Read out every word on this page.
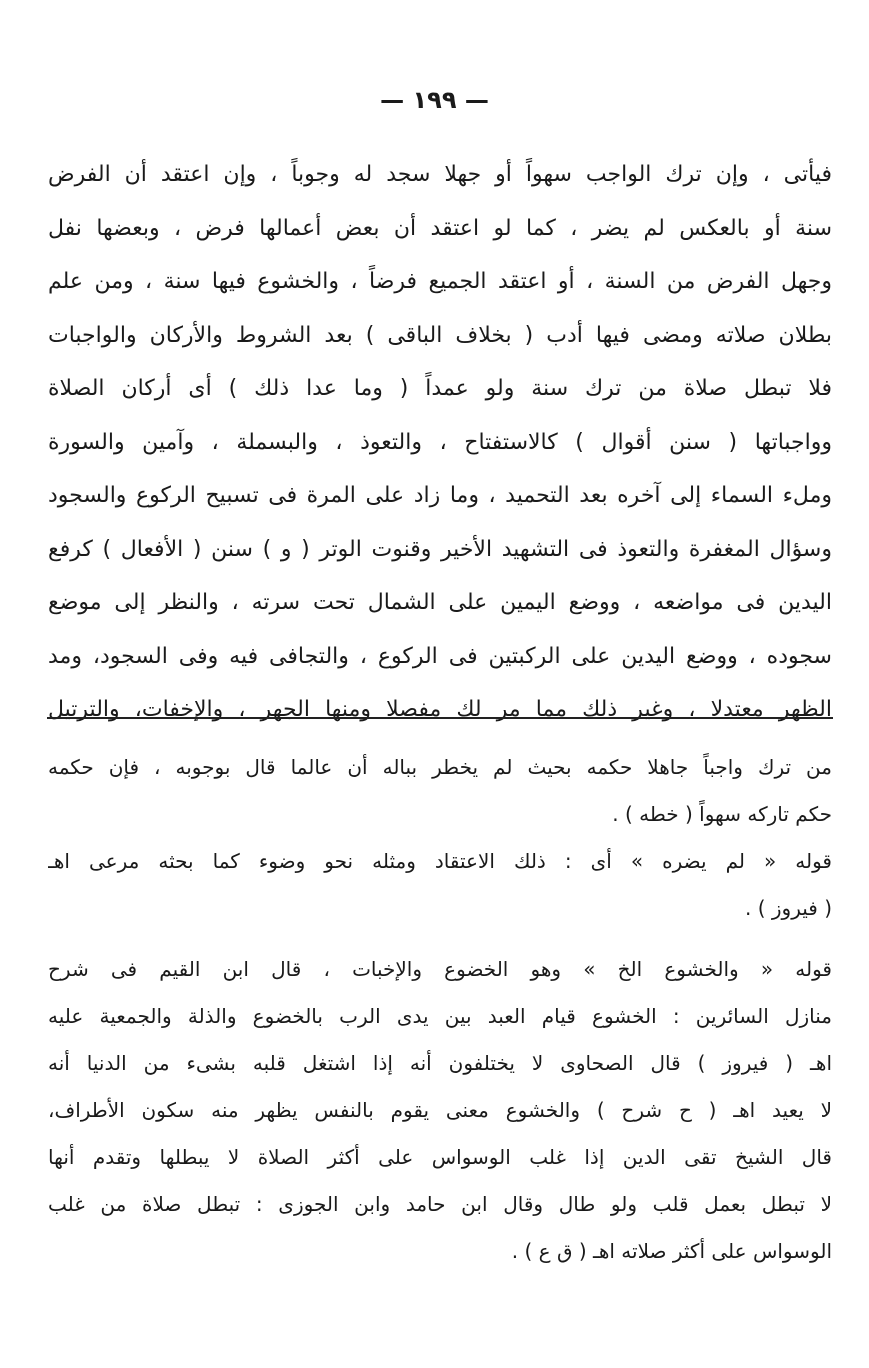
— ١٩٩ —
فيأتى ، وإن ترك الواجب سهواً أو جهلا سجد له وجوباً ، وإن اعتقد أن الفرض
سنة أو بالعكس لم يضر ، كما لو اعتقد أن بعض أعمالها فرض ، وبعضها نفل
وجهل الفرض من السنة ، أو اعتقد الجميع فرضاً ، والخشوع فيها سنة ، ومن علم
بطلان صلاته ومضى فيها أدب ( بخلاف الباقى ) بعد الشروط والأركان والواجبات
فلا تبطل صلاة من ترك سنة ولو عمداً ( وما عدا ذلك ) أى أركان الصلاة
وواجباتها ( سنن أقوال ) كالاستفتاح ، والتعوذ ، والبسملة ، وآمين والسورة
وملء السماء إلى آخره بعد التحميد ، وما زاد على المرة فى تسبيح الركوع والسجود
وسؤال المغفرة والتعوذ فى التشهيد الأخير وقنوت الوتر ( و ) سنن ( الأفعال ) كرفع
اليدين فى مواضعه ، ووضع اليمين على الشمال تحت سرته ، والنظر إلى موضع
سجوده ، ووضع اليدين على الركبتين فى الركوع ، والتجافى فيه وفى السجود، ومد
الظهر معتدلا ، وغير ذلك مما مر لك مفصلا ومنها الجهر ، والإخفات، والترتيل
من ترك واجباً جاهلا حكمه بحيث لم يخطر بباله أن عالما قال بوجوبه ، فإن حكمه
حكم تاركه سهواً ( خطه ) .
قوله « لم يضره » أى : ذلك الاعتقاد ومثله نحو وضوء كما بحثه مرعى اهـ
( فيروز ) .
قوله « والخشوع الخ » وهو الخضوع والإخبات ، قال ابن القيم فى شرح
منازل السائرين : الخشوع قيام العبد بين يدى الرب بالخضوع والذلة والجمعية عليه
اهـ ( فيروز ) قال الصحاوى لا يختلفون أنه إذا اشتغل قلبه بشىء من الدنيا أنه
لا يعيد اهـ ( ح شرح ) والخشوع معنى يقوم بالنفس يظهر منه سكون الأطراف،
قال الشيخ تقى الدين إذا غلب الوسواس على أكثر الصلاة لا يبطلها وتقدم أنها
لا تبطل بعمل قلب ولو طال وقال ابن حامد وابن الجوزى : تبطل صلاة من غلب
الوسواس على أكثر صلاته اهـ ( ق ع ) .
